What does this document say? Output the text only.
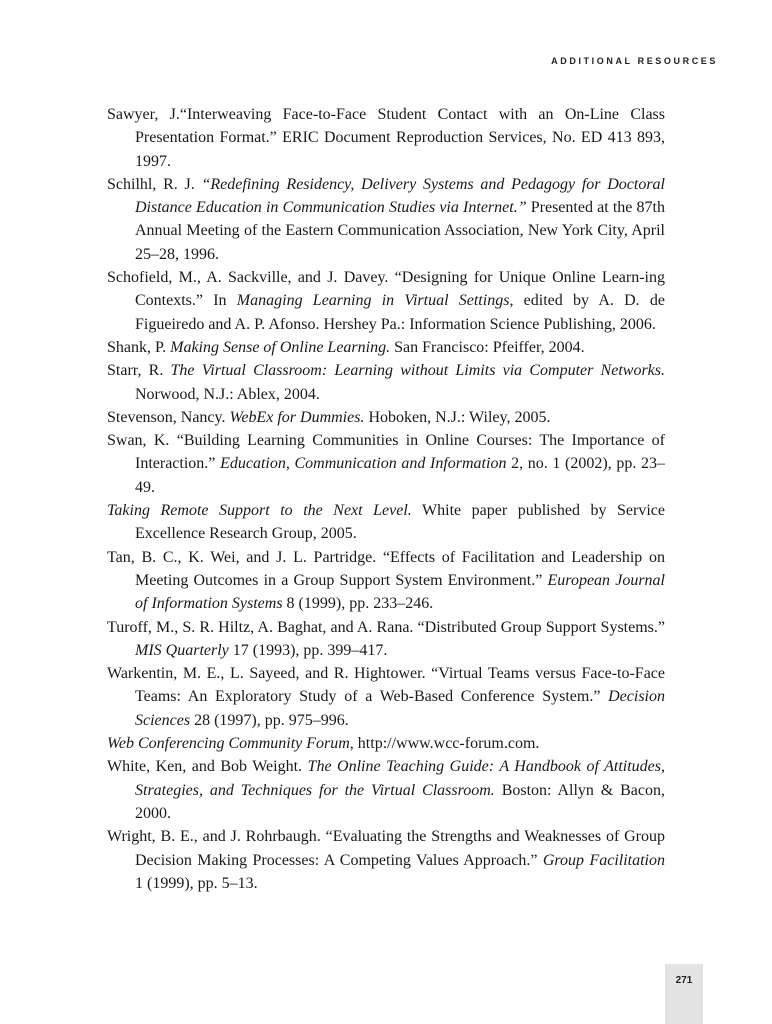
ADDITIONAL RESOURCES
Sawyer, J.“Interweaving Face-to-Face Student Contact with an On-Line Class Presentation Format.” ERIC Document Reproduction Services, No. ED 413 893, 1997.
Schilhl, R. J. “Redefining Residency, Delivery Systems and Pedagogy for Doctoral Distance Education in Communication Studies via Internet.” Presented at the 87th Annual Meeting of the Eastern Communication Association, New York City, April 25–28, 1996.
Schofield, M., A. Sackville, and J. Davey. “Designing for Unique Online Learn-ing Contexts.” In Managing Learning in Virtual Settings, edited by A. D. de Figueiredo and A. P. Afonso. Hershey Pa.: Information Science Publishing, 2006.
Shank, P. Making Sense of Online Learning. San Francisco: Pfeiffer, 2004.
Starr, R. The Virtual Classroom: Learning without Limits via Computer Networks. Norwood, N.J.: Ablex, 2004.
Stevenson, Nancy. WebEx for Dummies. Hoboken, N.J.: Wiley, 2005.
Swan, K. “Building Learning Communities in Online Courses: The Importance of Interaction.” Education, Communication and Information 2, no. 1 (2002), pp. 23–49.
Taking Remote Support to the Next Level. White paper published by Service Excellence Research Group, 2005.
Tan, B. C., K. Wei, and J. L. Partridge. “Effects of Facilitation and Leadership on Meeting Outcomes in a Group Support System Environment.” European Journal of Information Systems 8 (1999), pp. 233–246.
Turoff, M., S. R. Hiltz, A. Baghat, and A. Rana. “Distributed Group Support Systems.” MIS Quarterly 17 (1993), pp. 399–417.
Warkentin, M. E., L. Sayeed, and R. Hightower. “Virtual Teams versus Face-to-Face Teams: An Exploratory Study of a Web-Based Conference System.” Decision Sciences 28 (1997), pp. 975–996.
Web Conferencing Community Forum, http://www.wcc-forum.com.
White, Ken, and Bob Weight. The Online Teaching Guide: A Handbook of Attitudes, Strategies, and Techniques for the Virtual Classroom. Boston: Allyn & Bacon, 2000.
Wright, B. E., and J. Rohrbaugh. “Evaluating the Strengths and Weaknesses of Group Decision Making Processes: A Competing Values Approach.” Group Facilitation 1 (1999), pp. 5–13.
271
